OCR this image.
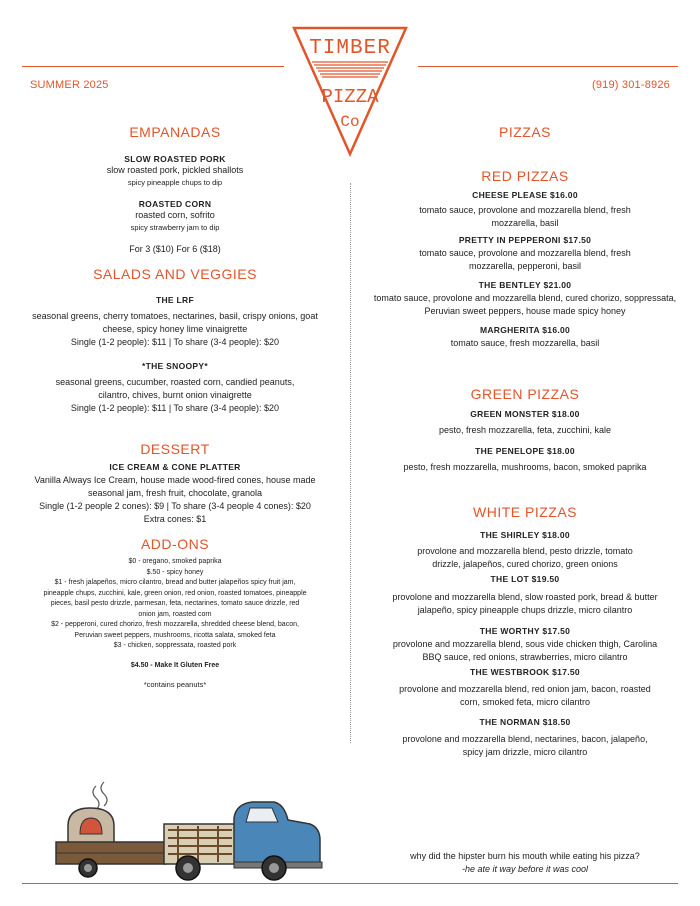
SUMMER 2025	(919) 301-8926
TIMBER
PIZZA
Co
EMPANADAS
SLOW ROASTED PORK
slow roasted pork, pickled shallots
spicy pineapple chups to dip
ROASTED CORN
roasted corn, sofrito
spicy strawberry jam to dip
For 3 ($10) For 6 ($18)
SALADS AND VEGGIES
THE LRF
seasonal greens, cherry tomatoes, nectarines, basil, crispy onions, goat cheese, spicy honey lime vinaigrette
Single (1-2 people): $11 | To share (3-4 people): $20
*THE SNOOPY*
seasonal greens, cucumber, roasted corn, candied peanuts, cilantro, chives, burnt onion vinaigrette
Single (1-2 people): $11 | To share (3-4 people): $20
DESSERT
ICE CREAM & CONE PLATTER
Vanilla Always Ice Cream, house made wood-fired cones, house made seasonal jam, fresh fruit, chocolate, granola
Single (1-2 people 2 cones): $9 | To share (3-4 people 4 cones): $20
Extra cones: $1
ADD-ONS
$0 - oregano, smoked paprika
$.50 - spicy honey
$1 - fresh jalapeños, micro cilantro, bread and butter jalapeños spicy fruit jam, pineapple chups, zucchini, kale, green onion, red onion, roasted tomatoes, pineapple pieces, basil pesto drizzle, parmesan, feta, nectarines, tomato sauce drizzle, red onion jam, roasted corn
$2 - pepperoni, cured chorizo, fresh mozzarella, shredded cheese blend, bacon, Peruvian sweet peppers, mushrooms, ricotta salata, smoked feta
$3 - chicken, soppressata, roasted pork
$4.50 - Make It Gluten Free
*contains peanuts*
PIZZAS
RED PIZZAS
CHEESE PLEASE $16.00
tomato sauce, provolone and mozzarella blend, fresh mozzarella, basil
PRETTY IN PEPPERONI $17.50
tomato sauce, provolone and mozzarella blend, fresh mozzarella, pepperoni, basil
THE BENTLEY $21.00
tomato sauce, provolone and mozzarella blend, cured chorizo, soppressata, Peruvian sweet peppers, house made spicy honey
MARGHERITA $16.00
tomato sauce, fresh mozzarella, basil
GREEN PIZZAS
GREEN MONSTER $18.00
pesto, fresh mozzarella, feta, zucchini, kale
THE PENELOPE $18.00
pesto, fresh mozzarella, mushrooms, bacon, smoked paprika
WHITE PIZZAS
THE SHIRLEY $18.00
provolone and mozzarella blend, pesto drizzle, tomato drizzle, jalapeños, cured chorizo, green onions
THE LOT $19.50
provolone and mozzarella blend, slow roasted pork, bread & butter jalapeño, spicy pineapple chups drizzle, micro cilantro
THE WORTHY $17.50
provolone and mozzarella blend, sous vide chicken thigh, Carolina BBQ sauce, red onions, strawberries, micro cilantro
THE WESTBROOK $17.50
provolone and mozzarella blend, red onion jam, bacon, roasted corn, smoked feta, micro cilantro
THE NORMAN $18.50
provolone and mozzarella blend, nectarines, bacon, jalapeño, spicy jam drizzle, micro cilantro
why did the hipster burn his mouth while eating his pizza?
-he ate it way before it was cool
